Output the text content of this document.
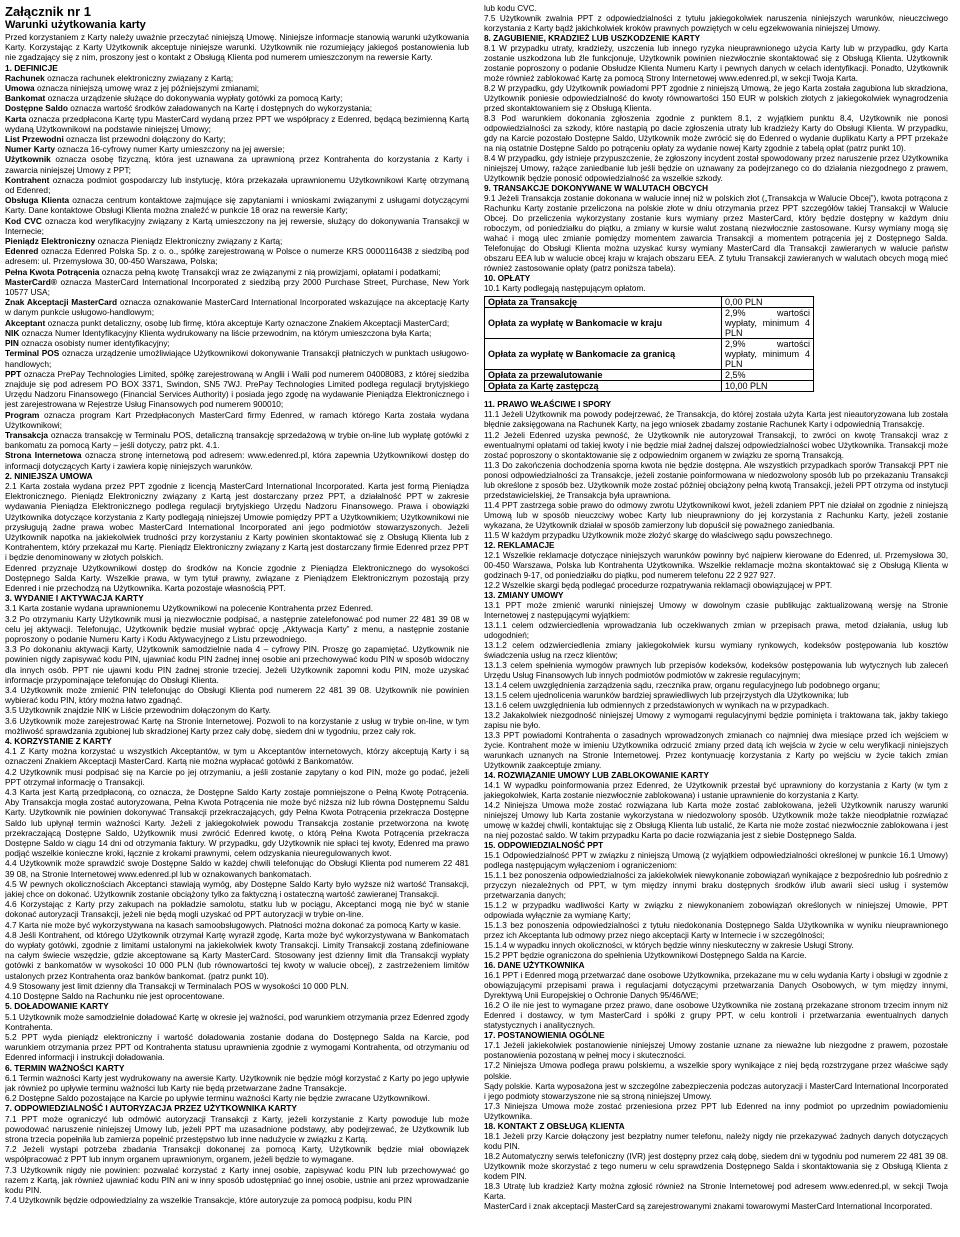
Załącznik nr 1
Warunki użytkowania karty

Przed korzystaniem z Karty należy uważnie przeczytać niniejszą Umowę. Niniejsze informacje stanowią warunki użytkowania Karty. Korzystając z Karty Użytkownik akceptuje niniejsze warunki. Użytkownik nie rozumiejący jakiegoś postanowienia lub nie zgadzający się z nim, proszony jest o kontakt z Obsługą Klienta pod numerem umieszczonym na rewersie Karty.

1. DEFINICJE

Rachunek oznacza rachunek elektroniczny związany z Kartą;

Umowa oznacza niniejszą umowę wraz z jej późniejszymi zmianami;

Bankomat oznacza urządzenie służące do dokonywania wypłaty gotówki za pomocą Karty;

Dostępne Saldo oznacza wartość środków załadowanych na Kartę i dostępnych do wykorzystania;

Karta oznacza przedpłacona Kartę typu MasterCard wydaną przez PPT we współpracy z Edenred, będącą bezimienną Kartą wydaną Użytkownikowi na podstawie niniejszej Umowy;

List Przewodni oznacza list przewodni dołączony do Karty;

Numer Karty oznacza 16-cyfrowy numer Karty umieszczony na jej awersie;

Użytkownik oznacza osobę fizyczną, która jest uznawana za uprawnioną przez Kontrahenta do korzystania z Karty i zawarcia niniejszej Umowy z PPT;

Kontrahent oznacza podmiot gospodarczy lub instytucję, która przekazała uprawnionemu Użytkownikowi Kartę otrzymaną od Edenred;

Obsługa Klienta oznacza centrum kontaktowe zajmujące się zapytaniami i wnioskami związanymi z usługami dotyczącymi Karty. Dane kontaktowe Obsługi Klienta można znaleźć w punkcie 18 oraz na rewersie Karty;

Kod CVC oznacza kod weryfikacyjny związany z Kartą umieszczony na jej rewersie, służący do dokonywania Transakcji w Internecie;

Pieniądz Elektroniczny oznacza Pieniądz Elektroniczny związany z Kartą;

Edenred oznacza Edenred Polska Sp. z o. o., spółkę zarejestrowaną w Polsce o numerze KRS 0000116438 z siedzibą pod adresem: ul. Przemysłowa 30, 00-450 Warszawa, Polska;

Pełna Kwota Potrącenia oznacza pełną kwotę Transakcji wraz ze związanymi z nią prowizjami, opłatami i podatkami;

MasterCard® oznacza MasterCard International Incorporated z siedzibą przy 2000 Purchase Street, Purchase, New York 10577 USA;

Znak Akceptacji MasterCard oznacza oznakowanie MasterCard International Incorporated wskazujące na akceptację Karty w danym punkcie usługowo-handlowym;

Akceptant oznacza punkt detaliczny, osobę lub firmę, która akceptuje Karty oznaczone Znakiem Akceptacji MasterCard;

NIK oznacza Numer Identyfikacyjny Klienta wydrukowany na liście przewodnim, na którym umieszczona była Karta;

PIN oznacza osobisty numer identyfikacyjny;

Terminal POS oznacza urządzenie umożliwiające Użytkownikowi dokonywanie Transakcji płatniczych w punktach usługowo-handlowych;

PPT oznacza PrePay Technologies Limited, spółkę zarejestrowaną w Anglii i Walii pod numerem 04008083, z której siedziba znajduje się pod adresem PO BOX 3371, Swindon, SN5 7WJ. PrePay Technologies Limited podlega regulacji brytyjskiego Urzędu Nadzoru Finansowego (Financial Services Authority) i posiada jego zgodę na wydawanie Pieniądza Elektronicznego i jest zarejestrowana w Rejestrze Usług Finansowych pod numerem 900010;

Program oznacza program Kart Przedpłaconych MasterCard firmy Edenred, w ramach którego Karta została wydana Użytkownikowi;

Transakcja oznacza transakcję w Terminalu POS, detaliczną transakcję sprzedażową w trybie on-line lub wypłatę gotówki z bankomatu za pomocą Karty – jeśli dotyczy, patrz pkt. 4.1.

Strona Internetowa oznacza stronę internetową pod adresem: www.edenred.pl, która zapewnia Użytkownikowi dostęp do informacji dotyczących Karty i zawiera kopię niniejszych warunków.

2. NINIEJSZA UMOWA

2.1 Karta została wydana przez PPT zgodnie z licencją MasterCard International Incorporated. Karta jest formą Pieniądza Elektronicznego. Pieniądz Elektroniczny związany z Kartą jest dostarczany przez PPT, a działalność PPT w zakresie wydawania Pieniądza Elektronicznego podlega regulacji brytyjskiego Urzędu Nadzoru Finansowego. Prawa i obowiązki Użytkownika dotyczące korzystania z Karty podlegają niniejszej Umowie pomiędzy PPT a Użytkownikiem; Użytkownikowi nie przysługują żadne prawa wobec MasterCard International Incorporated ani jego podmiotów stowarzyszonych. Jeżeli Użytkownik napotka na jakiekolwiek trudności przy korzystaniu z Karty powinien skontaktować się z Obsługą Klienta lub z Kontrahentem, który przekazał mu Kartę. Pieniądz Elektroniczny związany z Kartą jest dostarczany firmie Edenred przez PPT i będzie denominowany w złotych polskich.

Edenred przyznaje Użytkownikowi dostęp do środków na Koncie zgodnie z Pieniądza Elektronicznego do wysokości Dostępnego Salda Karty. Wszelkie prawa, w tym tytuł prawny, związane z Pieniądzem Elektronicznym pozostają przy Edenred i nie przechodzą na Użytkownika. Karta pozostaje własnością PPT.

3. WYDANIE I AKTYWACJA KARTY

3.1 Karta zostanie wydana uprawnionemu Użytkownikowi na polecenie Kontrahenta przez Edenred.

3.2 Po otrzymaniu Karty Użytkownik musi ją niezwłocznie podpisać, a następnie zatelefonować pod numer 22 481 39 08 w celu jej aktywacji. Telefonując, Użytkownik będzie musiał wybrać opcję „Aktywacja Karty” z menu, a następnie zostanie poproszony o podanie Numeru Karty i Kodu Aktywacyjnego z Listu przewodniego.

3.3 Po dokonaniu aktywacji Karty, Użytkownik samodzielnie nada 4 – cyfrowy PIN. Proszę go zapamiętać. Użytkownik nie powinien nigdy zapisywać kodu PIN, ujawniać kodu PIN żadnej innej osobie ani przechowywać kodu PIN w sposób widoczny dla innych osób. PPT nie ujawni kodu PIN żadnej stronie trzeciej. Jeżeli Użytkownik zapomni kodu PIN, może uzyskać informacje przypominające telefonując do Obsługi Klienta.

3.4 Użytkownik może zmienić PIN telefonując do Obsługi Klienta pod numerem 22 481 39 08. Użytkownik nie powinien wybierać kodu PIN, który można łatwo zgadnąć.

3.5 Użytkownik znajdzie NIK w Liście przewodnim dołączonym do Karty.

3.6 Użytkownik może zarejestrować Kartę na Stronie Internetowej. Pozwoli to na korzystanie z usług w trybie on-line, w tym możliwość sprawdzania zgubionej lub skradzionej Karty przez cały dobę, siedem dni w tygodniu, przez cały rok.

4. KORZYSTANIE Z KARTY

4.1 Z Karty można korzystać u wszystkich Akceptantów, w tym u Akceptantów internetowych, którzy akceptują Karty i są oznaczeni Znakiem Akceptacji MasterCard. Kartą nie można wypłacać gotówki z Bankomatów.

4.2 Użytkownik musi podpisać się na Karcie po jej otrzymaniu, a jeśli zostanie zapytany o kod PIN, może go podać, jeżeli PPT otrzymał informację o Transakcji.

4.3 Karta jest Kartą przedpłaconą, co oznacza, że Dostępne Saldo Karty zostaje pomniejszone o Pełną Kwotę Potrącenia. Aby Transakcja mogła zostać autoryzowana, Pełna Kwota Potrącenia nie może być niższa niż lub równa Dostępnemu Saldu Karty. Użytkownik nie powinien dokonywać Transakcji przekraczających, gdy Pełna Kwota Potrącenia przekracza Dostępne Saldo lub upłynął termin ważności Karty. Jeżeli z jakiegokolwiek powodu Transakcja zostanie przetworzona na kwotę przekraczającą Dostępne Saldo, Użytkownik musi zwrócić Edenred kwotę, o którą Pełna Kwota Potrącenia przekracza Dostępne Saldo w ciągu 14 dni od otrzymania faktury. W przypadku, gdy Użytkownik nie spłaci tej kwoty, Edenred ma prawo podjąć wszelkie konieczne kroki, łącznie z krokami prawnymi, celem odzyskania nieuregulowanych kwot.

4.4 Użytkownik może sprawdzić swoje Dostępne Saldo w każdej chwili telefonując do Obsługi Klienta pod numerem 22 481 39 08, na Stronie Internetowej www.edenred.pl lub w oznakowanych bankomatach.

4.5 W pewnych okolicznościach Akceptanci stawiają wymóg, aby Dostępne Saldo Karty było wyższe niż wartość Transakcji, jakiej chce on dokonać. Użytkownik zostanie obciążony tylko za faktyczną i ostateczną wartość zawieranej Transakcji.

4.6 Korzystając z Karty przy zakupach na pokładzie samolotu, statku lub w pociągu, Akceptanci mogą nie być w stanie dokonać autoryzacji Transakcji, jeżeli nie będą mogli uzyskać od PPT autoryzacji w trybie on-line.

4.7 Karta nie może być wykorzystywana na kasach samoobsługowych. Płatności można dokonać za pomocą Karty w kasie.

4.8 Jeśli Kontrahent, od którego Użytkownik otrzymał Kartę wyraził zgodę, Karta może być wykorzystywana w Bankomatach do wypłaty gotówki, zgodnie z limitami ustalonymi na jakiekolwiek kwoty Transakcji. Limity Transakcji zostaną zdefiniowane na całym świecie wszędzie, gdzie akceptowane są Karty MasterCard. Stosowany jest dzienny limit dla Transakcji wypłaty gotówki z bankomatów w wysokości 10 000 PLN (lub równowartości tej kwoty w walucie obcej), z zastrzeżeniem limitów ustalonych przez Kontrahenta oraz banków bankomat. (patrz punkt 10).

4.9 Stosowany jest limit dzienny dla Transakcji w Terminalach POS w wysokości 10 000 PLN.

4.10 Dostępne Saldo na Rachunku nie jest oprocentowane.

5. DOŁADOWANIE KARTY

5.1 Użytkownik może samodzielnie doładować Kartę w okresie jej ważności, pod warunkiem otrzymania przez Edenred zgody Kontrahenta.

5.2 PPT wyda pieniądz elektroniczny i wartość doładowania zostanie dodana do Dostępnego Salda na Karcie, pod warunkiem otrzymania przez PPT od Kontrahenta statusu uprawnienia zgodnie z wymogami Kontrahenta, od otrzymaniu od Edenred informacji i instrukcji doładowania.

6. TERMIN WAŻNOŚCI KARTY

6.1 Termin ważności Karty jest wydrukowany na awersie Karty. Użytkownik nie będzie mógł korzystać z Karty po jego upływie jak również po upływie terminu ważności lub Karty nie będą przetwarzane żadne Transakcje.

6.2 Dostępne Saldo pozostające na Karcie po upływie terminu ważności Karty nie będzie zwracane Użytkownikowi.

7. ODPOWIEDZIALNOŚĆ I AUTORYZACJA PRZEZ UŻYTKOWNIKA KARTY

7.1 PPT może ograniczyć lub odmówić autoryzacji Transakcji z Karty, jeżeli korzystanie z Karty powoduje lub może powodować naruszenie niniejszej Umowy lub, jeżeli PPT ma uzasadnione podstawy, aby podejrzewać, że Użytkownik lub strona trzecia popełniła lub zamierza popełnić przestępstwo lub inne nadużycie w związku z Kartą.

7.2 Jeżeli wystąpi potrzeba zbadania Transakcji dokonanej za pomocą Karty, Użytkownik będzie miał obowiązek współpracować z PPT lub innym organem uprawnionym, organem, jeżeli będzie to wymagane.

7.3 Użytkownik nigdy nie powinien: pozwalać korzystać z Karty innej osobie, zapisywać kodu PIN lub przechowywać go razem z Kartą, jak również ujawniać kodu PIN ani w inny sposób udostępniać go innej osobie, ustnie ani przez wprowadzanie kodu PIN.

7.4 Użytkownik będzie odpowiedzialny za wszelkie Transakcje, które autoryzuje za pomocą podpisu, kodu PIN

lub kodu CVC.

7.5 Użytkownik zwalnia PPT z odpowiedzialności z tytułu jakiegokolwiek naruszenia niniejszych warunków, nieuczciwego korzystania z Karty bądź jakichkolwiek kroków prawnych powziętych w celu egzekwowania niniejszej Umowy.

8. ZAGUBIENIE, KRADZIEŻ LUB USZKODZENIE KARTY

8.1 W przypadku utraty, kradzieży, uszczenia lub innego ryzyka nieuprawnionego użycia Karty lub w przypadku, gdy Karta zostanie uszkodzona lub źle funkcjonuje, Użytkownik powinien niezwłocznie skontaktować się z Obsługą Klienta. Użytkownik zostanie poproszony o podanie Obsłudze Klienta Numeru Karty i pewnych danych w celach identyfikacji. Ponadto, Użytkownik może również zablokować Kartę za pomocą Strony Internetowej www.edenred.pl, w sekcji Twoja Karta.

8.2 W przypadku, gdy Użytkownik powiadomi PPT zgodnie z niniejszą Umową, że jego Karta została zagubiona lub skradziona, Użytkownik poniesie odpowiedzialność do kwoty równowartości 150 EUR w polskich złotych z jakiegokolwiek wynagrodzenia przed skontaktowaniem się z Obsługą Klienta.

8.3 Pod warunkiem dokonania zgłoszenia zgodnie z punktem 8.1, z wyjątkiem punktu 8.4, Użytkownik nie ponosi odpowiedzialności za szkody, które nastąpią po dacie zgłoszenia utraty lub kradzieży Karty do Obsługi Klienta. W przypadku, gdy na Karcie pozostało Dostępne Saldo, Użytkownik może zwrócić się do Edenred o wydanie duplikatu Karty a PPT przekaże na nią ostatnie Dostępne Saldo po potrąceniu opłaty za wydanie nowej Karty zgodnie z tabelą opłat (patrz punkt 10).

8.4 W przypadku, gdy istnieje przypuszczenie, że zgłoszony incydent został spowodowany przez naruszenie przez Użytkownika niniejszej Umowy, rażące zaniedbanie lub jeśli będzie on uznawany za podejrzanego co do działania niezgodnego z prawem, Użytkownik będzie ponosić odpowiedzialność za wszelkie szkody.

9. TRANSAKCJE DOKONYWANE W WALUTACH OBCYCH

9.1 Jeżeli Transakcja zostanie dokonana w walucie innej niż w polskich złot („Transakcja w Walucie Obcej”), kwota potrącona z Rachunku Karty zostanie przeliczona na polskie złote w dniu otrzymania przez PPT szczegółów takiej Transakcji w Walucie Obcej. Do przeliczenia wykorzystany zostanie kurs wymiany przez MasterCard, który będzie dostępny w każdym dniu roboczym, od poniedziałku do piątku, a zmiany w kursie walut zostaną niezwłocznie zastosowane. Kursy wymiany mogą się wahać i mogą ulec zmianie pomiędzy momentem zawarcia Transakcji a momentem potrącenia jej z Dostępnego Salda. Telefonując do Obsługi Klienta można uzyskać kursy wymiany MasterCard dla Transakcji zawieranych w walucie państw obszaru EEA lub w walucie obcej kraju w krajach obszaru EEA. Z tytułu Transakcji zawieranych w walutach obcych mogą mieć również zastosowanie opłaty (patrz poniższa tabela).

10. OPŁATY

10.1 Karty podlegają następującym opłatom.

Opłata za Transakcję	0,00 PLN
Opłata za wypłatę w Bankomacie w kraju	2,9% wartości wypłaty, minimum 4 PLN
Opłata za wypłatę w Bankomacie za granicą	2,9% wartości wypłaty, minimum 4 PLN
Opłata za przewalutowanie	2,5%
Opłata za Kartę zastępczą	10,00 PLN

11. PRAWO WŁAŚCIWE I SPORY

11.1 Jeżeli Użytkownik ma powody podejrzewać, że Transakcja, do której została użyta Karta jest nieautoryzowana lub została błędnie zaksięgowana na Rachunek Karty, na jego wniosek zbadamy zostanie Rachunek Karty i odpowiednią Transakcję.

11.2 Jeżeli Edenred uzyska pewność, że Użytkownik nie autoryzował Transakcji, to zwróci on kwotę Transakcji wraz z ewentualnymi opłatami od takiej kwoty i nie będzie miał żadnej dalszej odpowiedzialności wobec Użytkownika. Transakcji może zostać poproszony o skontaktowanie się z odpowiednim organem w związku ze sporną Transakcją.

11.3 Do zakończenia dochodzenia sporna kwota nie będzie dostępna. Ale wszystkich przypadkach sporów Transakcji PPT nie ponosi odpowiedzialności za Transakcje, jeżeli zostanie poinformowana w niedozwolony sposób lub po przekazaniu Transakcji lub określone z sposób bez. Użytkownik może zostać później obciążony pełną kwotą Transakcji, jeżeli PPT otrzyma od instytucji przedstawicielskiej, że Transakcja była uprawniona.

11.4 PPT zastrzega sobie prawo do odmowy zwrotu Użytkownikowi kwot, jeżeli zdaniem PPT nie działał on zgodnie z niniejszą Umową lub w sposób nieuczciwy wobec Karty lub nieuprawniony do jej korzystania z Rachunku Karty, jeżeli zostanie wykazana, że Użytkownik działał w sposób zamierzony lub dopuścił się poważnego zaniedbania.

11.5 W każdym przypadku Użytkownik może złożyć skargę do właściwego sądu powszechnego.

12. REKLAMACJE

12.1 Wszelkie reklamacje dotyczące niniejszych warunków powinny być najpierw kierowane do Edenred, ul. Przemysłowa 30, 00-450 Warszawa, Polska lub Kontrahenta Użytkownika. Wszelkie reklamacje można skontaktować się z Obsługą Klienta w godzinach 9-17, od poniedziałku do piątku, pod numerem telefonu 22 2 927 927.

12.2 Wszelkie skargi będą podlegać procedurze rozpatrywania reklamacji obowiązującej w PPT.

13. ZMIANY UMOWY

13.1 PPT może zmienić warunki niniejszej Umowy w dowolnym czasie publikując zaktualizowaną wersję na Stronie Internetowej z następującymi wyjątkiem:

13.1.1 celem odzwierciedlenia wprowadzania lub oczekiwanych zmian w przepisach prawa, metod działania, usług lub udogodnień;

13.1.2 celem odzwierciedlenia zmiany jakiegokolwiek kursu wymiany rynkowych, kodeksów postępowania lub kosztów świadczenia usług na rzecz klientów;

13.1.3 celem spełnienia wymogów prawnych lub przepisów kodeksów, kodeksów postępowania lub wytycznych lub zaleceń Urzędu Usług Finansowych lub innych podmiotów podmiotów w zakresie regulacyjnym;

13.1.4 celem uwzględnienia zarządzenia sądu, rzecznika praw, organu regulacyjnego lub podobnego organu;

13.1.5 celem ujednolicenia warunków bardziej sprawiedliwych lub przejrzystych dla Użytkownika; lub

13.1.6 celem uwzględnienia lub odmiennych z przedstawionych w wynikach na w przypadkach.

13.2 Jakakolwiek niezgodność niniejszej Umowy z wymogami regulacyjnymi będzie pominięta i traktowana tak, jakby takiego zapisu nie było.

13.3 PPT powiadomi Kontrahenta o zasadnych wprowadzonych zmianach co najmniej dwa miesiące przed ich wejściem w życie. Kontrahent może w imieniu Użytkownika odrzucić zmiany przed datą ich wejścia w życie w celu weryfikacji niniejszych warunkach uznanych na Stronie Internetowej. Przez kontynuację korzystania z Karty po wejściu w życie takich zmian Użytkownik zaakceptuje zmiany.

14. ROZWIĄZANIE UMOWY LUB ZABLOKOWANIE KARTY

14.1 W wypadku poinformowania przez Edenred, że Użytkownik przestał być uprawniony do korzystania z Karty (w tym z jakiegokolwiek, Karta zostanie niezwłocznie zablokowana) i ustanie uprawnienie do korzystania z Karty.

14.2 Niniejsza Umowa może zostać rozwiązana lub Karta może zostać zablokowana, jeżeli Użytkownik naruszy warunki niniejszej Umowy lub Karta zostanie wykorzystana w niedozwolony sposób. Użytkownik może także nieodpłatnie rozwiązać umowę w każdej chwili, kontaktując się z Obsługą Klienta lub ustalić, że Karta nie może zostać niezwłocznie zablokowana i jest na niej pozostać saldo. W takim przypadku Karta po dacie rozwiązania jest z siebie Dostępnego Salda.

15. ODPOWIEDZIALNOŚĆ PPT

15.1 Odpowiedzialność PPT w związku z niniejszą Umową (z wyjątkiem odpowiedzialności określonej w punkcie 16.1 Umowy) podlega następującym wyłączeniom i ograniczeniom:

15.1.1 bez ponoszenia odpowiedzialności za jakiekolwiek niewykonanie zobowiązań wynikające z bezpośrednio lub pośrednio z przyczyn niezależnych od PPT, w tym między innymi braku dostępnych środków i/lub awarii sieci usług i systemów przetwarzania danych;

15.1.2 w przypadku wadliwości Karty w związku z niewykonaniem zobowiązań określonych w niniejszej Umowie, PPT odpowiada wyłącznie za wymianę Karty;

15.1.3 bez ponoszenia odpowiedzialności z tytułu niedokonania Dostępnego Salda Użytkownika w wyniku nieuprawnionego przez ich Akceptanta lub odmowy przez niego akceptacji Karty w Internecie i w szczególności;

15.1.4 w wypadku innych okoliczności, w których będzie winny nieskuteczny w zakresie Usługi Strony.

15.2 PPT będzie ograniczona do spełnienia Użytkownikowi Dostępnego Salda na Karcie.

16. DANE UŻYTKOWNIKA

16.1 PPT i Edenred mogą przetwarzać dane osobowe Użytkownika, przekazane mu w celu wydania Karty i obsługi w zgodnie z obowiązującymi przepisami prawa i regulacjami dotyczącymi przetwarzania Danych Osobowych, w tym między innymi, Dyrektywą Unii Europejskiej o Ochronie Danych 95/46/WE;

16.2 O ile nie jest to wymagane przez prawo, dane osobowe Użytkownika nie zostaną przekazane stronom trzecim innym niż Edenred i dostawcy, w tym MasterCard i spółki z grupy PPT, w celu kontroli i przetwarzania ewentualnych danych statystycznych i analitycznych.

17. POSTANOWIENIA OGÓLNE

17.1 Jeżeli jakiekolwiek postanowienie niniejszej Umowy zostanie uznane za nieważne lub niezgodne z prawem, pozostałe postanowienia pozostaną w pełnej mocy i skuteczności.

17.2 Niniejsza Umowa podlega prawu polskiemu, a wszelkie spory wynikające z niej będą rozstrzygane przez właściwe sądy polskie.

Sądy polskie. Karta wyposażona jest w szczególne zabezpieczenia podczas autoryzacji i MasterCard International Incorporated i jego podmioty stowarzyszone nie są stroną niniejszej Umowy.

17.3 Niniejsza Umowa może zostać przeniesiona przez PPT lub Edenred na inny podmiot po uprzednim powiadomieniu Użytkownika.

18. KONTAKT Z OBSŁUGĄ KLIENTA

18.1 Jeżeli przy Karcie dołączony jest bezpłatny numer telefonu, należy nigdy nie przekazywać żadnych danych dotyczących kodu PIN.

18.2 Automatyczny serwis telefoniczny (IVR) jest dostępny przez całą dobę, siedem dni w tygodniu pod numerem 22 481 39 08. Użytkownik może skorzystać z tego numeru w celu sprawdzenia Dostępnego Salda i skontaktowania się z Obsługą Klienta z kodem PIN.

18.3 Utratę lub kradzież Karty można zgłosić również na Stronie Internetowej pod adresem www.edenred.pl, w sekcji Twoja Karta.

MasterCard i znak akceptacji MasterCard są zarejestrowanymi znakami towarowymi MasterCard International Incorporated.
